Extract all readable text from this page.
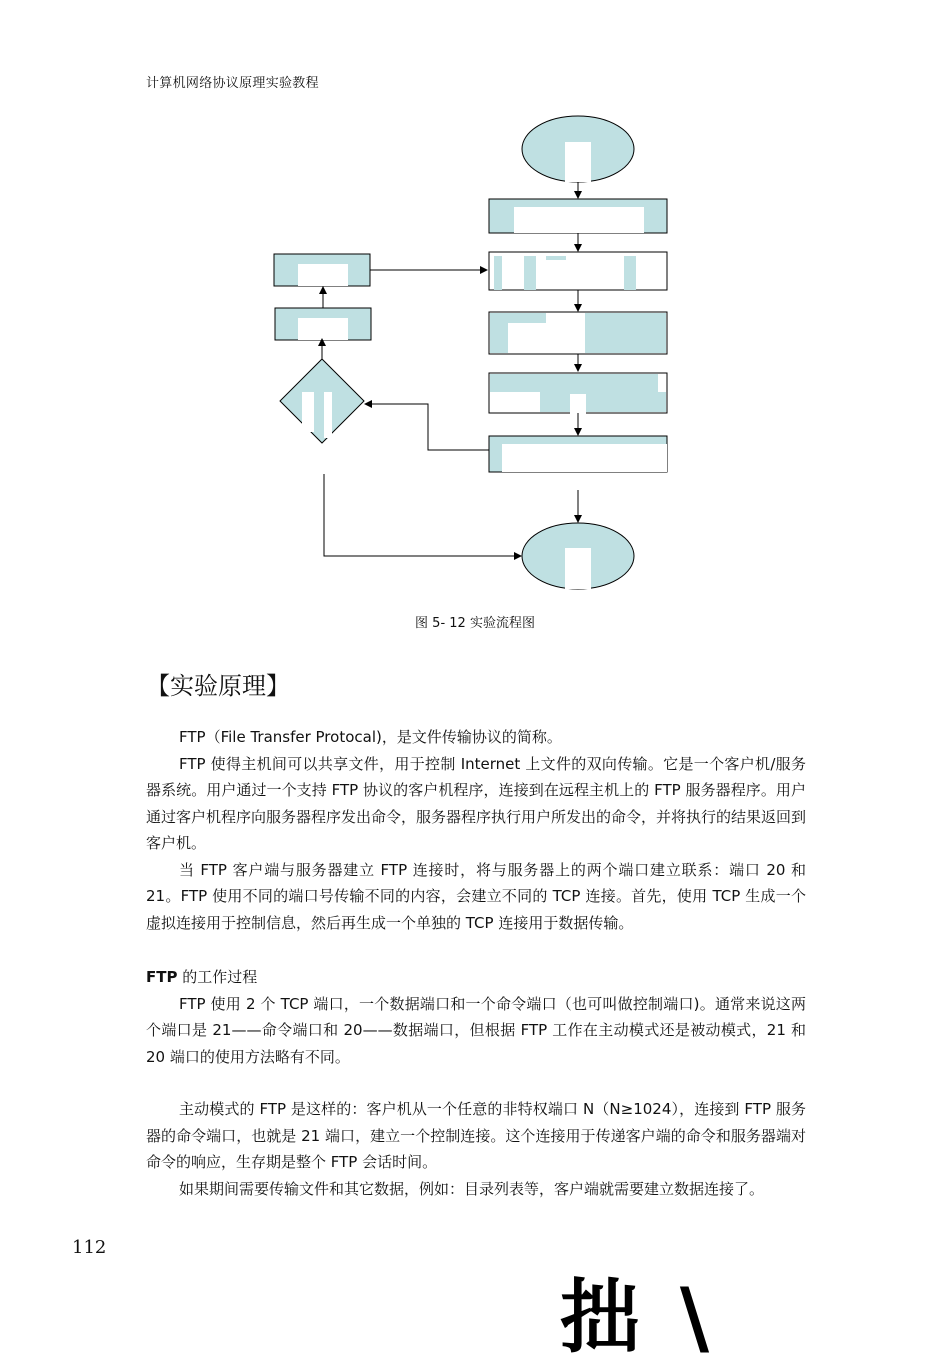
计算机网络协议原理实验教程
图 5- 12 实验流程图
【实验原理】

FTP（File Transfer Protocal)，是文件传输协议的简称。

FTP 使得主机间可以共享文件，用于控制 Internet 上文件的双向传输。它是一个客户机/服务器系统。用户通过一个支持 FTP 协议的客户机程序，连接到在远程主机上的 FTP 服务器程序。用户通过客户机程序向服务器程序发出命令，服务器程序执行用户所发出的命令，并将执行的结果返回到客户机。

当 FTP 客户端与服务器建立 FTP 连接时，将与服务器上的两个端口建立联系：端口 20 和 21。FTP 使用不同的端口号传输不同的内容，会建立不同的 TCP 连接。首先，使用 TCP 生成一个虚拟连接用于控制信息，然后再生成一个单独的 TCP 连接用于数据传输。

FTP 的工作过程

FTP 使用 2 个 TCP 端口，一个数据端口和一个命令端口（也可叫做控制端口)。通常来说这两个端口是 21——命令端口和 20——数据端口，但根据 FTP 工作在主动模式还是被动模式，21 和 20 端口的使用方法略有不同。

主动模式的 FTP 是这样的：客户机从一个任意的非特权端口 N（N≥1024），连接到 FTP 服务器的命令端口，也就是 21 端口，建立一个控制连接。这个连接用于传递客户端的命令和服务器端对命令的响应，生存期是整个 FTP 会话时间。

如果期间需要传输文件和其它数据，例如：目录列表等，客户端就需要建立数据连接了。

112
拙 \
